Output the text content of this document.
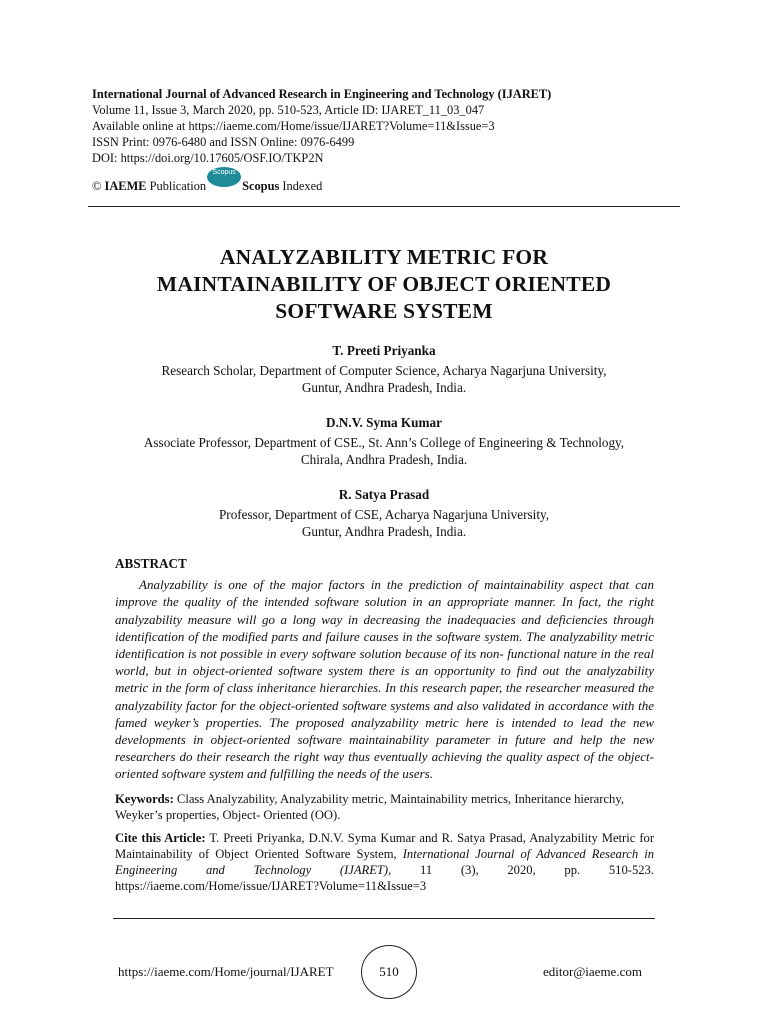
International Journal of Advanced Research in Engineering and Technology (IJARET)
Volume 11, Issue 3, March 2020, pp. 510-523, Article ID: IJARET_11_03_047
Available online at https://iaeme.com/Home/issue/IJARET?Volume=11&Issue=3
ISSN Print: 0976-6480 and ISSN Online: 0976-6499
DOI: https://doi.org/10.17605/OSF.IO/TKP2N
©
IAEME
Publication
Scopus
Scopus
Indexed
ANALYZABILITY METRIC FOR
MAINTAINABILITY OF OBJECT ORIENTED
SOFTWARE SYSTEM
T. Preeti Priyanka
Research Scholar, Department of Computer Science, Acharya Nagarjuna University,
Guntur, Andhra Pradesh, India.
D.N.V. Syma Kumar
Associate Professor, Department of CSE., St. Ann’s College of Engineering & Technology,
Chirala, Andhra Pradesh, India.
R. Satya Prasad
Professor, Department of CSE, Acharya Nagarjuna University,
Guntur, Andhra Pradesh, India.
ABSTRACT

Analyzability is one of the major factors in the prediction of maintainability aspect that can improve the quality of the intended software solution in an appropriate manner. In fact, the right analyzability measure will go a long way in decreasing the inadequacies and deficiencies through identification of the modified parts and failure causes in the software system. The analyzability metric identification is not possible in every software solution because of its non- functional nature in the real world, but in object-oriented software system there is an opportunity to find out the analyzability metric in the form of class inheritance hierarchies. In this research paper, the researcher measured the analyzability factor for the object-oriented software systems and also validated in accordance with the famed weyker’s properties. The proposed analyzability metric here is intended to lead the new developments in object-oriented software maintainability parameter in future and help the new researchers do their research the right way thus eventually achieving the quality aspect of the object-oriented software system and fulfilling the needs of the users.

Keywords: Class Analyzability, Analyzability metric, Maintainability metrics, Inheritance hierarchy, Weyker’s properties, Object- Oriented (OO).
Cite this Article: T. Preeti Priyanka, D.N.V. Syma Kumar and R. Satya Prasad, Analyzability Metric for Maintainability of Object Oriented Software System, International Journal of Advanced Research in Engineering and Technology (IJARET), 11 (3), 2020, pp. 510-523. https://iaeme.com/Home/issue/IJARET?Volume=11&Issue=3
https://iaeme.com/Home/journal/IJARET	510	editor@iaeme.com
